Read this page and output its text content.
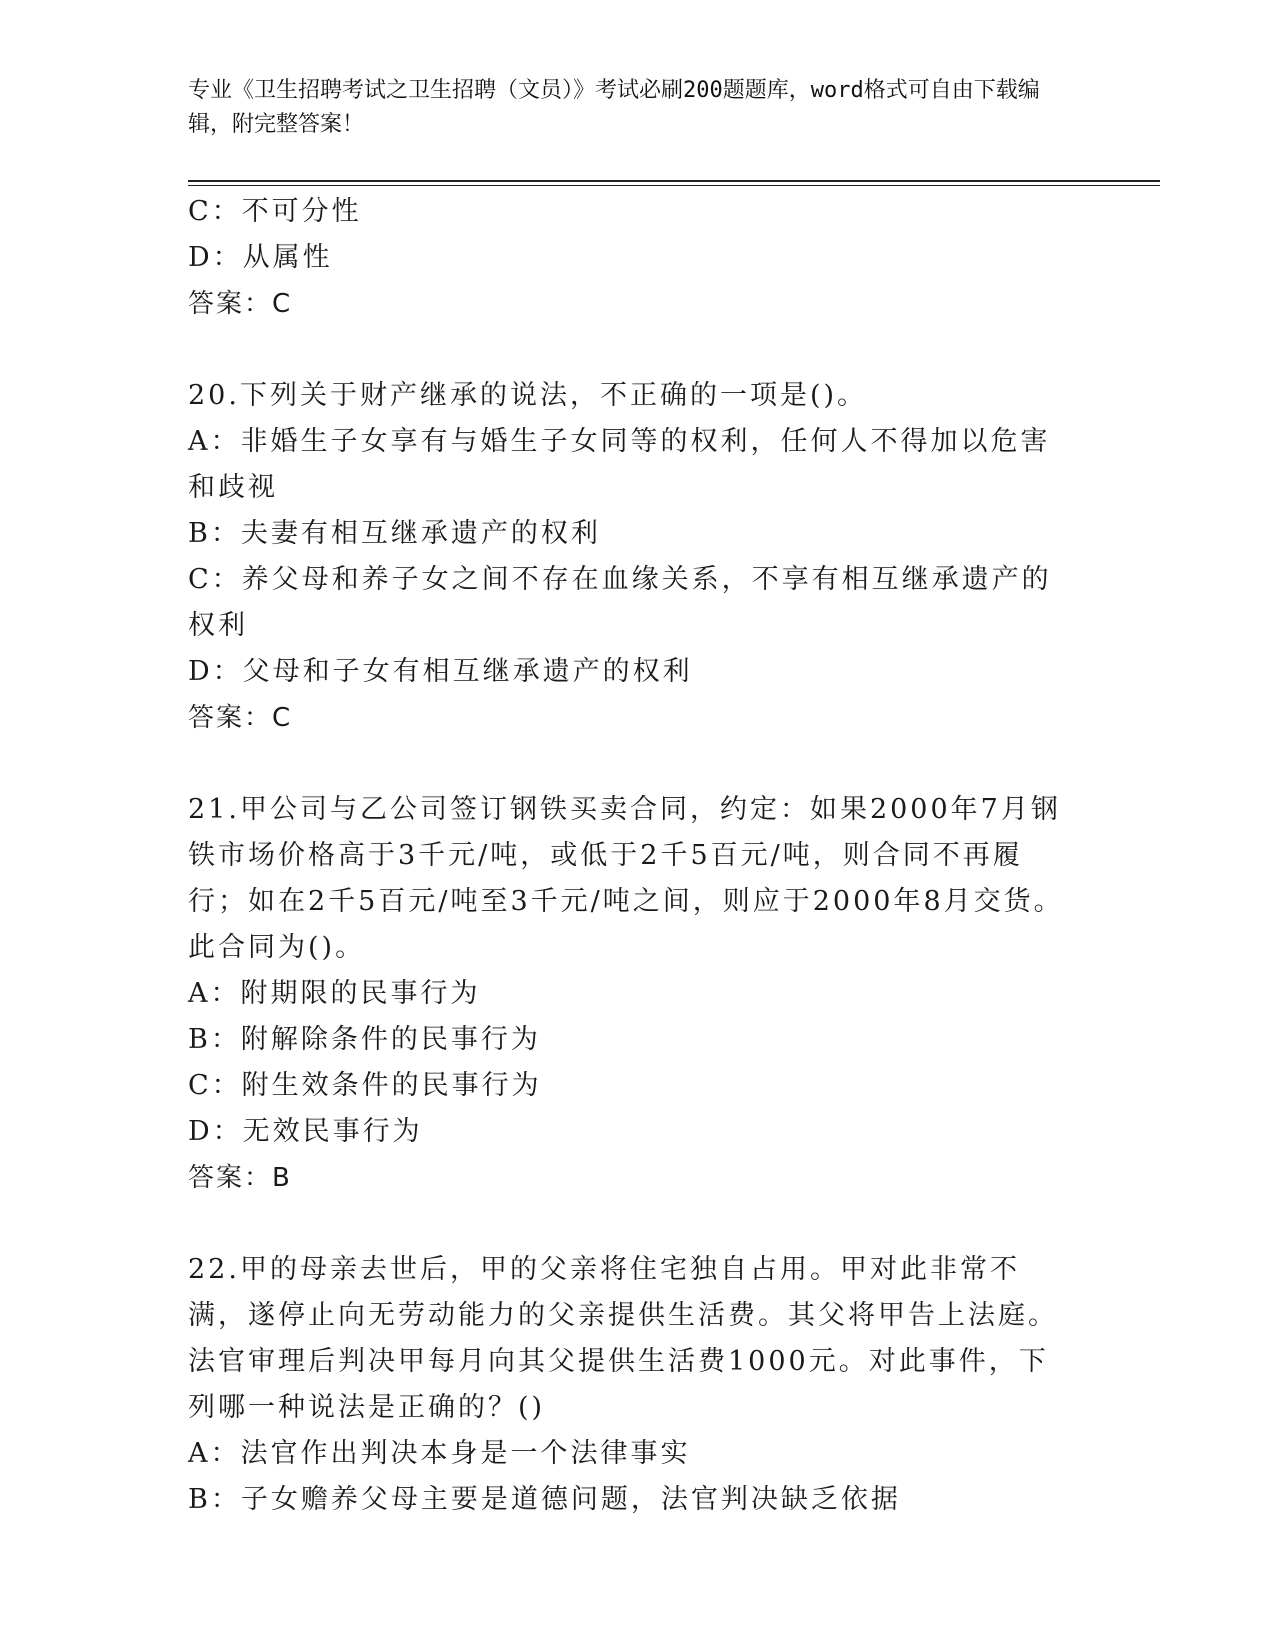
专业《卫生招聘考试之卫生招聘（文员）》考试必刷200题题库，word格式可自由下载编辑，附完整答案！
C：不可分性
D：从属性
答案：C
20.下列关于财产继承的说法，不正确的一项是()。
A：非婚生子女享有与婚生子女同等的权利，任何人不得加以危害和歧视
B：夫妻有相互继承遗产的权利
C：养父母和养子女之间不存在血缘关系，不享有相互继承遗产的权利
D：父母和子女有相互继承遗产的权利
答案：C
21.甲公司与乙公司签订钢铁买卖合同，约定：如果2000年7月钢铁市场价格高于3千元/吨，或低于2千5百元/吨，则合同不再履行；如在2千5百元/吨至3千元/吨之间，则应于2000年8月交货。此合同为()。
A：附期限的民事行为
B：附解除条件的民事行为
C：附生效条件的民事行为
D：无效民事行为
答案：B
22.甲的母亲去世后，甲的父亲将住宅独自占用。甲对此非常不满，遂停止向无劳动能力的父亲提供生活费。其父将甲告上法庭。法官审理后判决甲每月向其父提供生活费1000元。对此事件，下列哪一种说法是正确的？()
A：法官作出判决本身是一个法律事实
B：子女赡养父母主要是道德问题，法官判决缺乏依据
